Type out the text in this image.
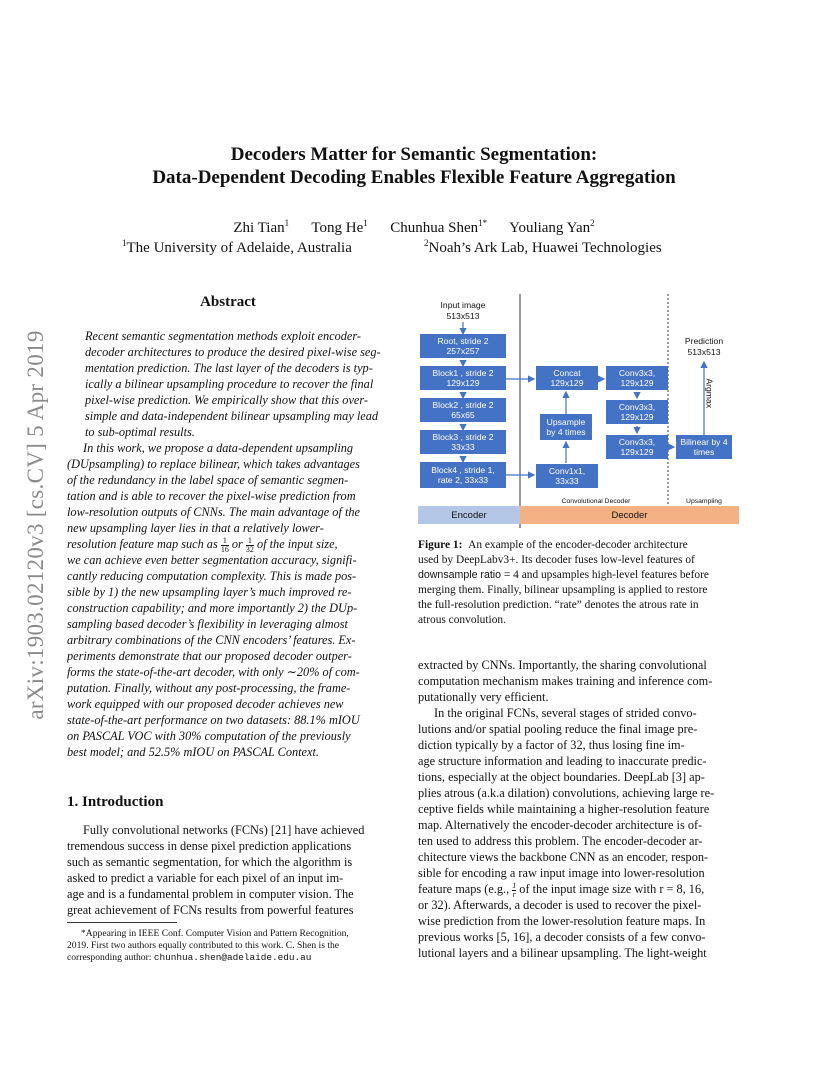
arXiv:1903.02120v3 [cs.CV] 5 Apr 2019
Decoders Matter for Semantic Segmentation:
Data-Dependent Decoding Enables Flexible Feature Aggregation
Zhi Tian$^1$ Tong He$^1$ Chunhua Shen$^{1*}$ Youliang Yan$^2$
$^1$The University of Adelaide, Australia	$^2$Noah’s Ark Lab, Huawei Technologies
Abstract
Recent semantic segmentation methods exploit encoder-
decoder architectures to produce the desired pixel-wise seg-
mentation prediction. The last layer of the decoders is typ-
ically a bilinear upsampling procedure to recover the final
pixel-wise prediction. We empirically show that this over-
simple and data-independent bilinear upsampling may lead
to sub-optimal results.
In this work, we propose a data-dependent upsampling
(DUpsampling) to replace bilinear, which takes advantages
of the redundancy in the label space of semantic segmen-
tation and is able to recover the pixel-wise prediction from
low-resolution outputs of CNNs. The main advantage of the
new upsampling layer lies in that a relatively lower-
resolution feature map such as $\frac{1}{16}$ or $\frac{1}{32}$ of the input size,
we can achieve even better segmentation accuracy, signifi-
cantly reducing computation complexity. This is made pos-
sible by 1) the new upsampling layer’s much improved re-
construction capability; and more importantly 2) the DUp-
sampling based decoder’s flexibility in leveraging almost
arbitrary combinations of the CNN encoders’ features. Ex-
periments demonstrate that our proposed decoder outper-
forms the state-of-the-art decoder, with only ∼20% of com-
putation. Finally, without any post-processing, the frame-
work equipped with our proposed decoder achieves new
state-of-the-art performance on two datasets: 88.1% mIOU
on PASCAL VOC with 30% computation of the previously
best model; and 52.5% mIOU on PASCAL Context.
1. Introduction
Fully convolutional networks (FCNs) [21] have achieved
tremendous success in dense pixel prediction applications
such as semantic segmentation, for which the algorithm is
asked to predict a variable for each pixel of an input im-
age and is a fundamental problem in computer vision. The
great achievement of FCNs results from powerful features
*Appearing in IEEE Conf. Computer Vision and Pattern Recognition,
2019. First two authors equally contributed to this work. C. Shen is the
corresponding author: chunhua.shen@adelaide.edu.au
Input image
513x513
Root, stride 2
257x257
Block1 , stride 2
129x129
Block2 , stride 2
65x65
Block3 , stride 2
33x33
Block4 , stride 1,
rate 2, 33x33
Concat
129x129
Upsample
by 4 times
Conv1x1,
33x33
Conv3x3,
129x129
Conv3x3,
129x129
Conv3x3,
129x129
Bilinear by 4
times
Prediction
513x513
Argmax
Convolutional Decoder	Upsampling
Encoder	Decoder
Figure 1: An example of the encoder-decoder architecture
used by DeepLabv3+. Its decoder fuses low-level features of
downsample ratio = 4 and upsamples high-level features before
merging them. Finally, bilinear upsampling is applied to restore
the full-resolution prediction. “rate” denotes the atrous rate in
atrous convolution.
extracted by CNNs. Importantly, the sharing convolutional
computation mechanism makes training and inference com-
putationally very efficient.
In the original FCNs, several stages of strided convo-
lutions and/or spatial pooling reduce the final image pre-
diction typically by a factor of 32, thus losing fine im-
age structure information and leading to inaccurate predic-
tions, especially at the object boundaries. DeepLab [3] ap-
plies atrous (a.k.a dilation) convolutions, achieving large re-
ceptive fields while maintaining a higher-resolution feature
map. Alternatively the encoder-decoder architecture is of-
ten used to address this problem. The encoder-decoder ar-
chitecture views the backbone CNN as an encoder, respon-
sible for encoding a raw input image into lower-resolution
feature maps (e.g., $\frac{1}{r}$ of the input image size with r = 8, 16,
or 32). Afterwards, a decoder is used to recover the pixel-
wise prediction from the lower-resolution feature maps. In
previous works [5, 16], a decoder consists of a few convo-
lutional layers and a bilinear upsampling. The light-weight
